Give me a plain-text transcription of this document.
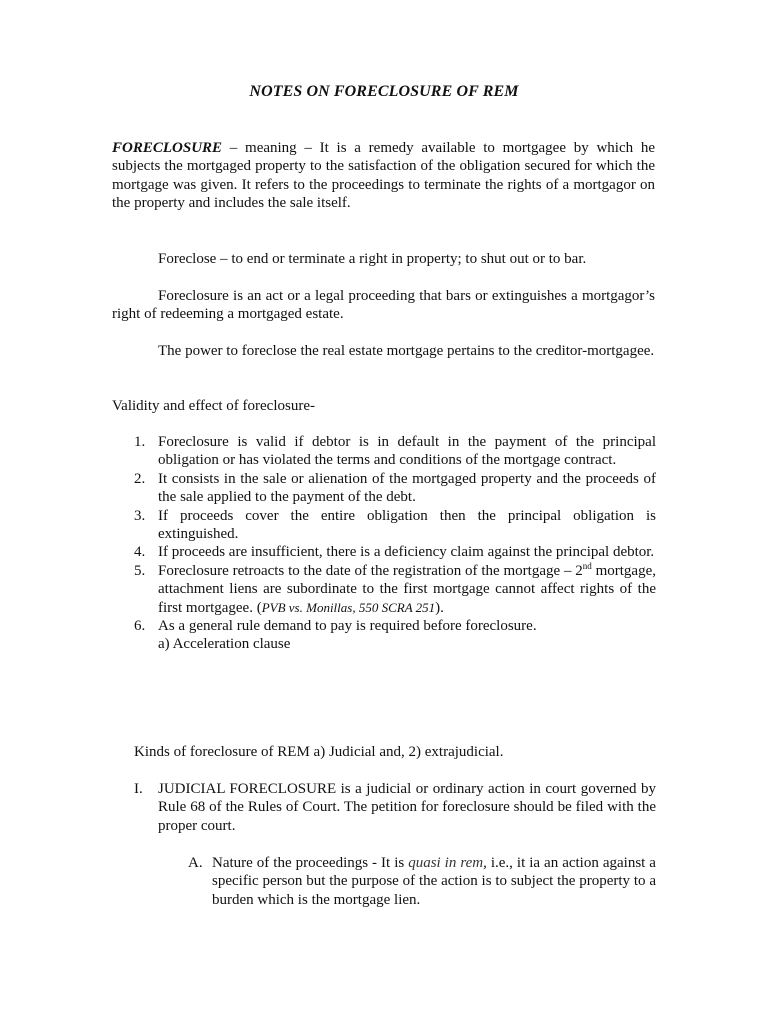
NOTES ON FORECLOSURE OF REM
FORECLOSURE – meaning – It is a remedy available to mortgagee by which he subjects the mortgaged property to the satisfaction of the obligation secured for which the mortgage was given. It refers to the proceedings to terminate the rights of a mortgagor on the property and includes the sale itself.
Foreclose – to end or terminate a right in property; to shut out or to bar.
Foreclosure is an act or a legal proceeding that bars or extinguishes a mortgagor’s right of redeeming a mortgaged estate.
The power to foreclose the real estate mortgage pertains to the creditor-mortgagee.
Validity and effect of foreclosure-
1. Foreclosure is valid if debtor is in default in the payment of the principal obligation or has violated the terms and conditions of the mortgage contract.
2. It consists in the sale or alienation of the mortgaged property and the proceeds of the sale applied to the payment of the debt.
3. If proceeds cover the entire obligation then the principal obligation is extinguished.
4. If proceeds are insufficient, there is a deficiency claim against the principal debtor.
5. Foreclosure retroacts to the date of the registration of the mortgage – 2nd mortgage, attachment liens are subordinate to the first mortgage cannot affect rights of the first mortgagee. (PVB vs. Monillas, 550 SCRA 251).
6. As a general rule demand to pay is required before foreclosure.
a) Acceleration clause
Kinds of foreclosure of REM a) Judicial and, 2) extrajudicial.
I. JUDICIAL FORECLOSURE is a judicial or ordinary action in court governed by Rule 68 of the Rules of Court. The petition for foreclosure should be filed with the proper court.
A. Nature of the proceedings - It is quasi in rem, i.e., it ia an action against a specific person but the purpose of the action is to subject the property to a burden which is the mortgage lien.
